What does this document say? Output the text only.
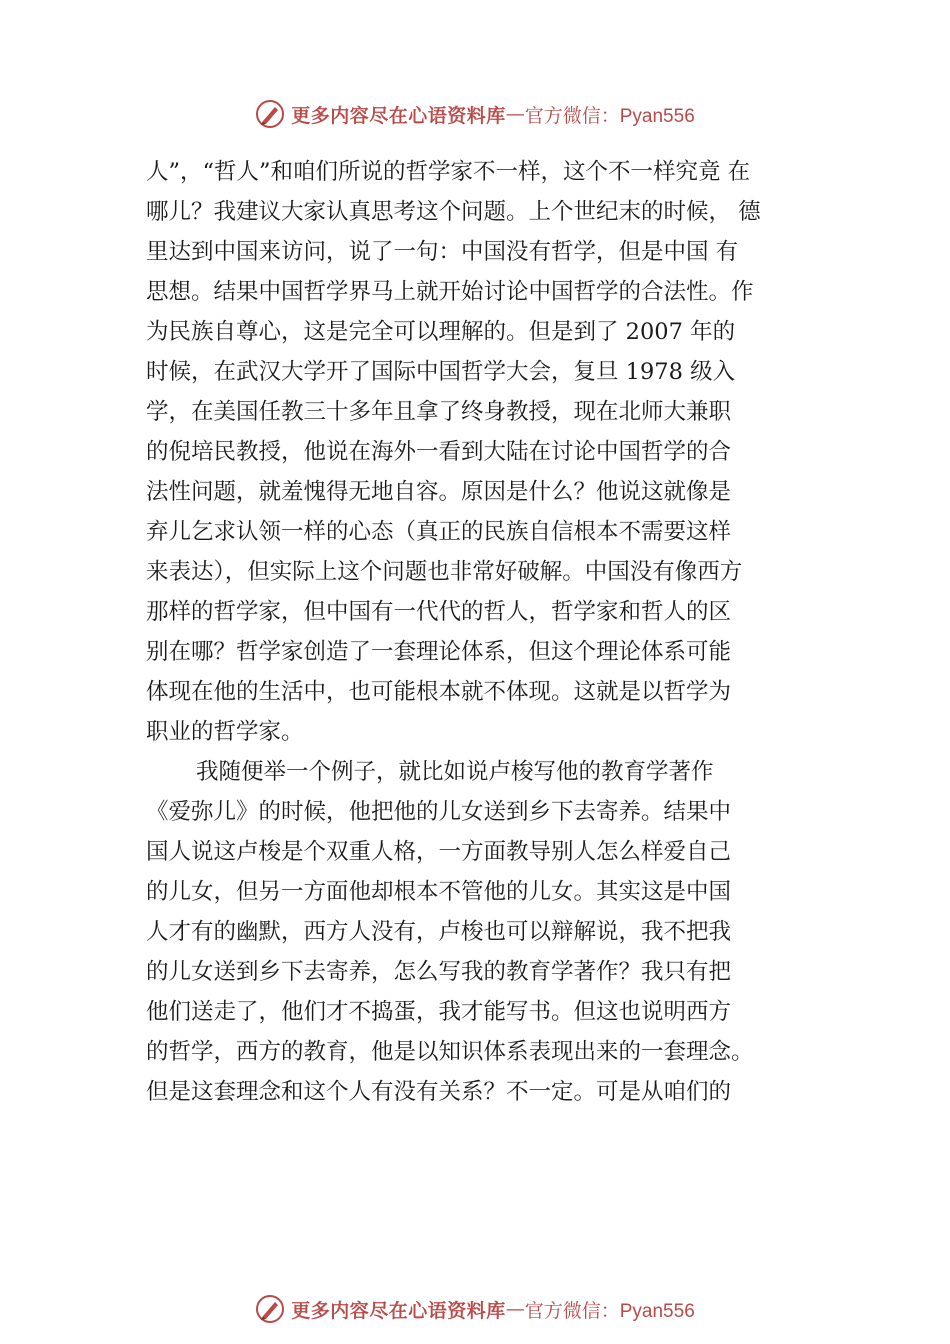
更多内容尽在心语资料库 — 官方微信：Pyan556
人”，“哲人”和咱们所说的哲学家不一样，这个不一样究竟 在
哪儿？我建议大家认真思考这个问题。上个世纪末的时候， 德
里达到中国来访问，说了一句：中国没有哲学，但是中国 有
思想。结果中国哲学界马上就开始讨论中国哲学的合法性。作
为民族自尊心，这是完全可以理解的。但是到了 2007 年的
时候，在武汉大学开了国际中国哲学大会，复旦 1978 级入
学，在美国任教三十多年且拿了终身教授，现在北师大兼职
的倪培民教授，他说在海外一看到大陆在讨论中国哲学的合
法性问题，就羞愧得无地自容。原因是什么？他说这就像是
弃儿乞求认领一样的心态（真正的民族自信根本不需要这样
来表达），但实际上这个问题也非常好破解。中国没有像西方
那样的哲学家，但中国有一代代的哲人，哲学家和哲人的区
别在哪？哲学家创造了一套理论体系，但这个理论体系可能
体现在他的生活中，也可能根本就不体现。这就是以哲学为
职业的哲学家。
我随便举一个例子，就比如说卢梭写他的教育学著作
《爱弥儿》的时候，他把他的儿女送到乡下去寄养。结果中
国人说这卢梭是个双重人格，一方面教导别人怎么样爱自己
的儿女，但另一方面他却根本不管他的儿女。其实这是中国
人才有的幽默，西方人没有，卢梭也可以辩解说，我不把我
的儿女送到乡下去寄养，怎么写我的教育学著作？我只有把
他们送走了，他们才不捣蛋，我才能写书。但这也说明西方
的哲学，西方的教育，他是以知识体系表现出来的一套理念。
但是这套理念和这个人有没有关系？不一定。可是从咱们的
更多内容尽在心语资料库 — 官方微信：Pyan556
